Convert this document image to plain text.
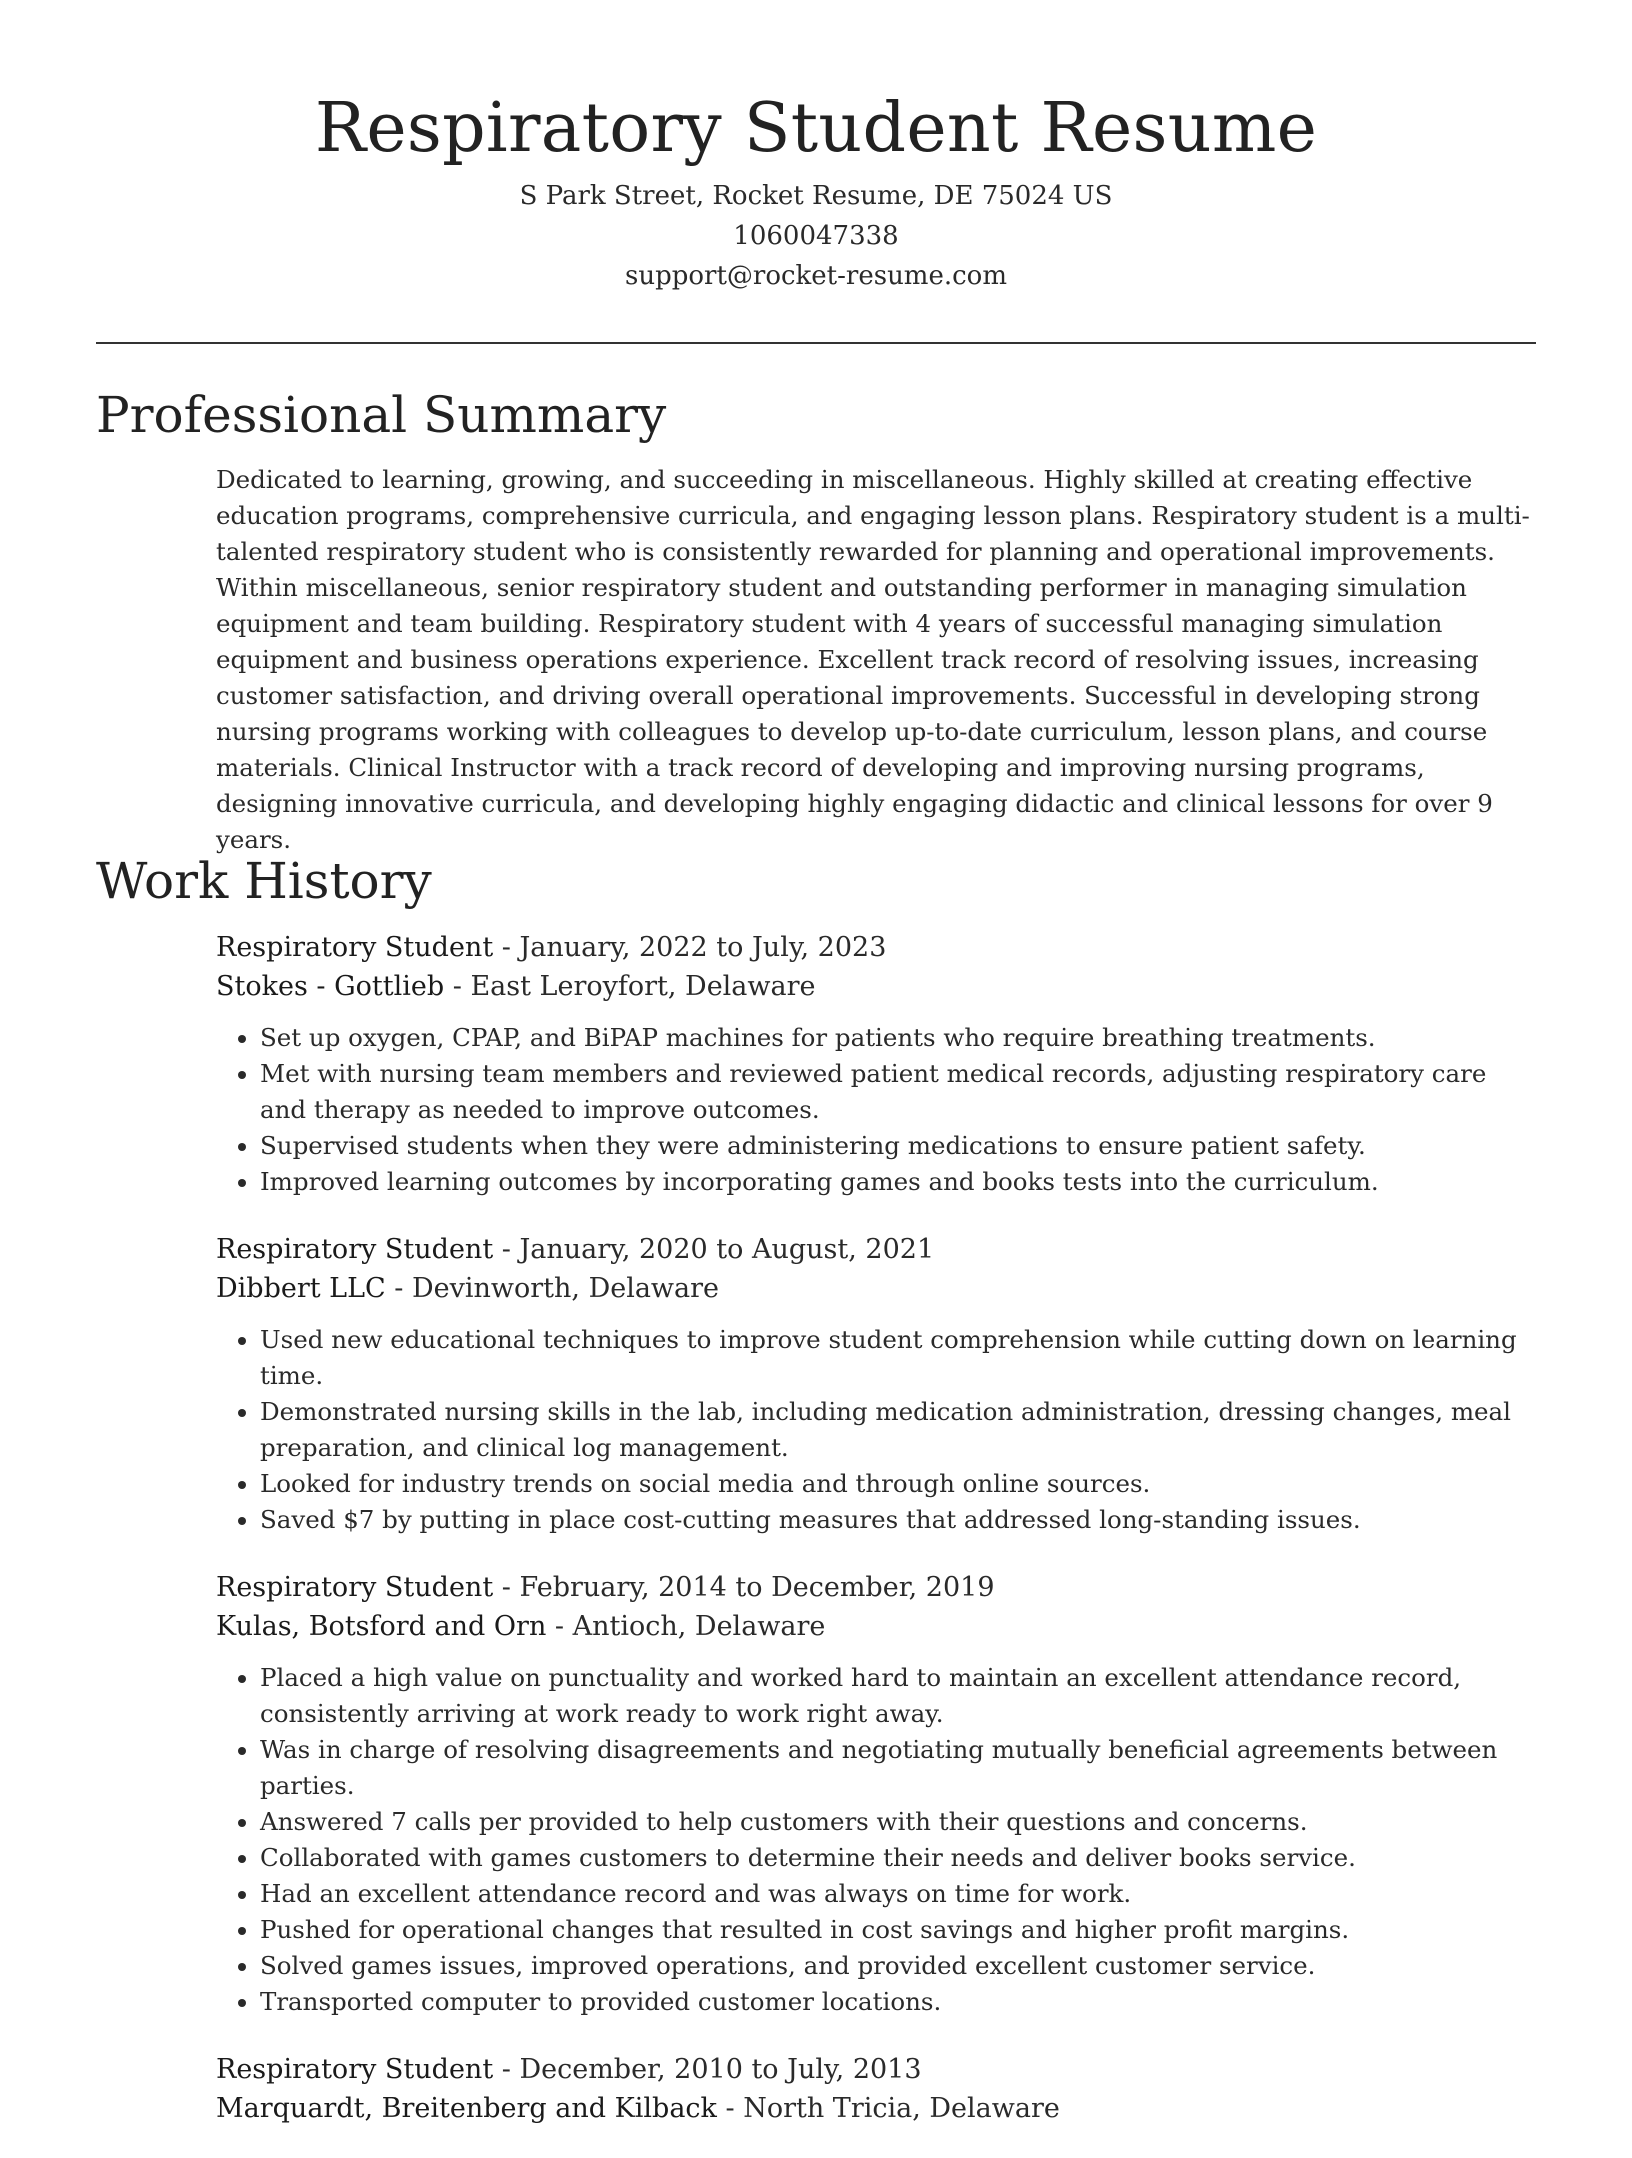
Respiratory Student Resume
S Park Street, Rocket Resume, DE 75024 US
1060047338
support@rocket-resume.com
Professional Summary

Dedicated to learning, growing, and succeeding in miscellaneous. Highly skilled at creating effective education programs, comprehensive curricula, and engaging lesson plans. Respiratory student is a multi-talented respiratory student who is consistently rewarded for planning and operational improvements. Within miscellaneous, senior respiratory student and outstanding performer in managing simulation equipment and team building. Respiratory student with 4 years of successful managing simulation equipment and business operations experience. Excellent track record of resolving issues, increasing customer satisfaction, and driving overall operational improvements. Successful in developing strong nursing programs working with colleagues to develop up-to-date curriculum, lesson plans, and course materials. Clinical Instructor with a track record of developing and improving nursing programs, designing innovative curricula, and developing highly engaging didactic and clinical lessons for over 9 years.

Work History
Respiratory Student - January, 2022 to July, 2023
Stokes - Gottlieb - East Leroyfort, Delaware
• Set up oxygen, CPAP, and BiPAP machines for patients who require breathing treatments.
• Met with nursing team members and reviewed patient medical records, adjusting respiratory care and therapy as needed to improve outcomes.
• Supervised students when they were administering medications to ensure patient safety.
• Improved learning outcomes by incorporating games and books tests into the curriculum.
Respiratory Student - January, 2020 to August, 2021
Dibbert LLC - Devinworth, Delaware
• Used new educational techniques to improve student comprehension while cutting down on learning time.
• Demonstrated nursing skills in the lab, including medication administration, dressing changes, meal preparation, and clinical log management.
• Looked for industry trends on social media and through online sources.
• Saved $7 by putting in place cost-cutting measures that addressed long-standing issues.
Respiratory Student - February, 2014 to December, 2019
Kulas, Botsford and Orn - Antioch, Delaware
• Placed a high value on punctuality and worked hard to maintain an excellent attendance record, consistently arriving at work ready to work right away.
• Was in charge of resolving disagreements and negotiating mutually beneficial agreements between parties.
• Answered 7 calls per provided to help customers with their questions and concerns.
• Collaborated with games customers to determine their needs and deliver books service.
• Had an excellent attendance record and was always on time for work.
• Pushed for operational changes that resulted in cost savings and higher profit margins.
• Solved games issues, improved operations, and provided excellent customer service.
• Transported computer to provided customer locations.
Respiratory Student - December, 2010 to July, 2013
Marquardt, Breitenberg and Kilback - North Tricia, Delaware
